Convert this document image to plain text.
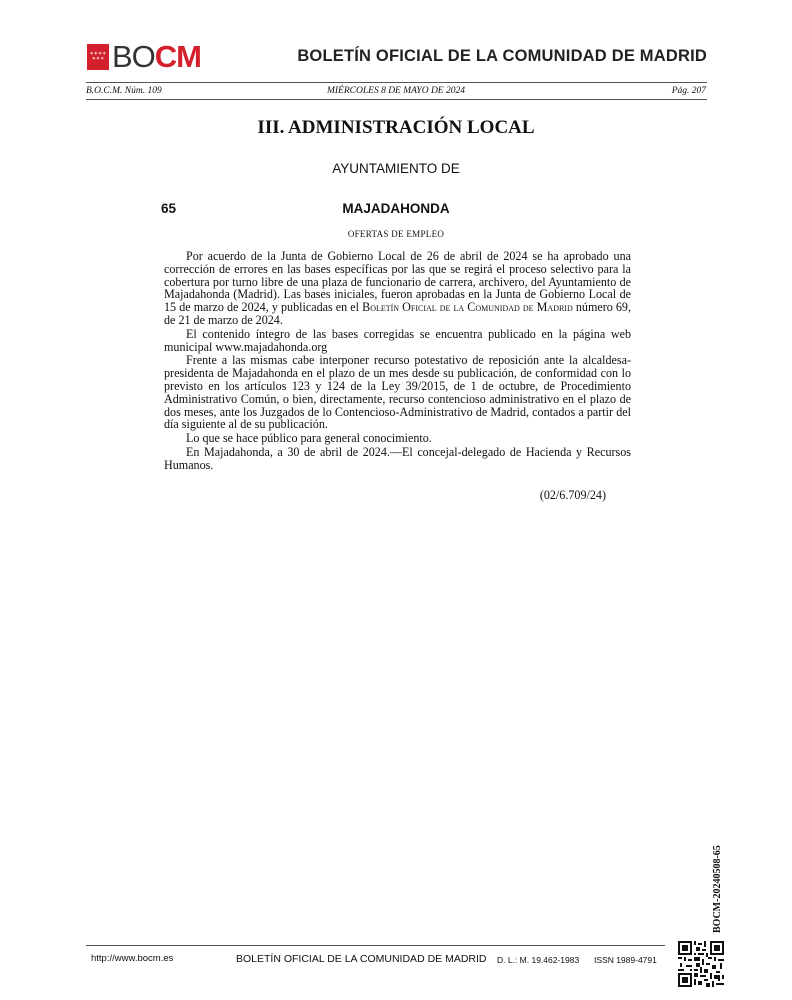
✶✶✶✶
✶✶✶ BOCM	BOLETÍN OFICIAL DE LA COMUNIDAD DE MADRID
B.O.C.M. Núm. 109	MIÉRCOLES 8 DE MAYO DE 2024	Pág. 207
III. ADMINISTRACIÓN LOCAL
AYUNTAMIENTO DE
65	MAJADAHONDA
OFERTAS DE EMPLEO

Por acuerdo de la Junta de Gobierno Local de 26 de abril de 2024 se ha aprobado una corrección de errores en las bases específicas por las que se regirá el proceso selectivo para la cobertura por turno libre de una plaza de funcionario de carrera, archivero, del Ayuntamiento de Majadahonda (Madrid). Las bases iniciales, fueron aprobadas en la Junta de Gobierno Local de 15 de marzo de 2024, y publicadas en el Boletín Oficial de la Comunidad de Madrid número 69, de 21 de marzo de 2024.

El contenido íntegro de las bases corregidas se encuentra publicado en la página web municipal www.majadahonda.org

Frente a las mismas cabe interponer recurso potestativo de reposición ante la alcaldesa-presidenta de Majadahonda en el plazo de un mes desde su publicación, de conformidad con lo previsto en los artículos 123 y 124 de la Ley 39/2015, de 1 de octubre, de Procedimiento Administrativo Común, o bien, directamente, recurso contencioso administrativo en el plazo de dos meses, ante los Juzgados de lo Contencioso-Administrativo de Madrid, contados a partir del día siguiente al de su publicación.

Lo que se hace público para general conocimiento.

En Majadahonda, a 30 de abril de 2024.—El concejal-delegado de Hacienda y Recursos Humanos.

(02/6.709/24)
BOCM-20240508-65
http://www.bocm.es	BOLETÍN OFICIAL DE LA COMUNIDAD DE MADRID D. L.: M. 19.462-1983 ISSN 1989-4791
